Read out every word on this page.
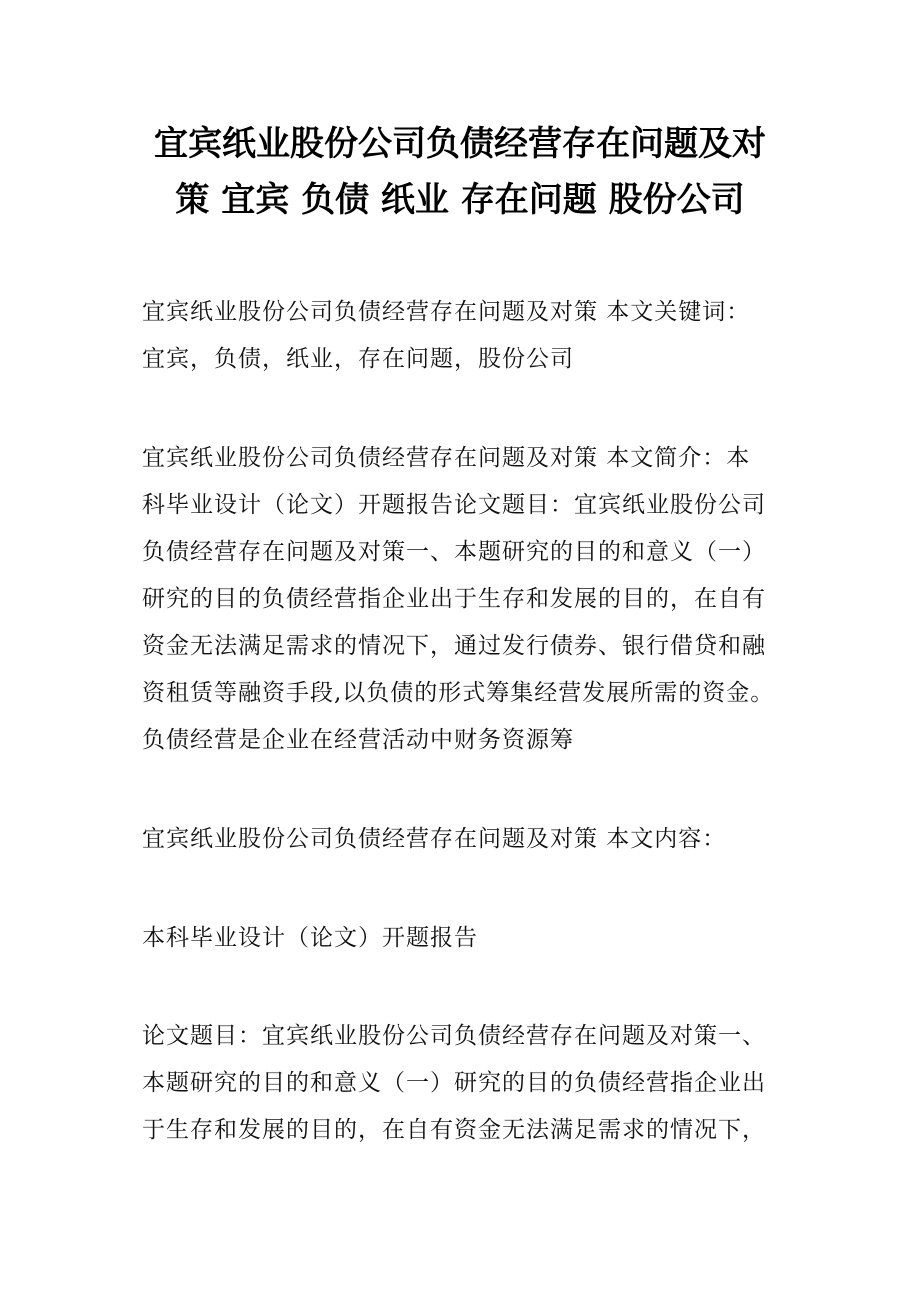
宜宾纸业股份公司负债经营存在问题及对
策 宜宾 负债 纸业 存在问题 股份公司
宜宾纸业股份公司负债经营存在问题及对策 本文关键词：
宜宾，负债，纸业，存在问题，股份公司
宜宾纸业股份公司负债经营存在问题及对策 本文简介：本
科毕业设计（论文）开题报告论文题目：宜宾纸业股份公司
负债经营存在问题及对策一、本题研究的目的和意义（一）
研究的目的负债经营指企业出于生存和发展的目的，在自有
资金无法满足需求的情况下，通过发行债券、银行借贷和融
资租赁等融资手段,以负债的形式筹集经营发展所需的资金。
负债经营是企业在经营活动中财务资源筹
宜宾纸业股份公司负债经营存在问题及对策 本文内容：
本科毕业设计（论文）开题报告
论文题目：宜宾纸业股份公司负债经营存在问题及对策一、
本题研究的目的和意义（一）研究的目的负债经营指企业出
于生存和发展的目的，在自有资金无法满足需求的情况下，
